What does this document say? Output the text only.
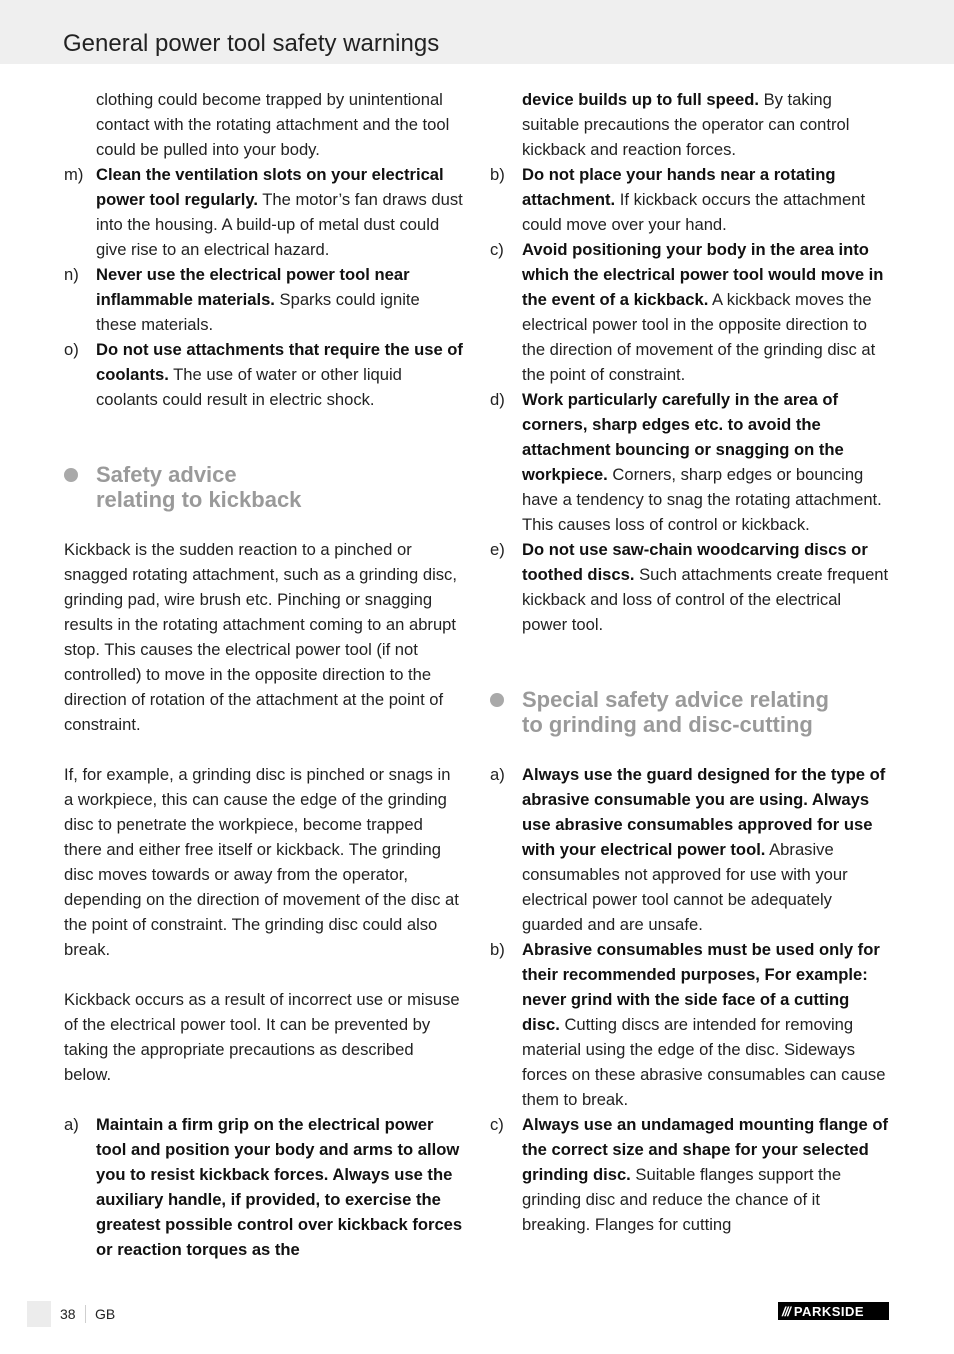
General power tool safety warnings

clothing could become trapped by unintentional contact with the rotating attachment and the tool could be pulled into your body.

m) Clean the ventilation slots on your electrical power tool regularly. The motor’s fan draws dust into the housing. A build-up of metal dust could give rise to an electrical hazard.
n) Never use the electrical power tool near inflammable materials. Sparks could ignite these materials.
o) Do not use attachments that require the use of coolants. The use of water or other liquid coolants could result in electric shock.
Safety advice
relating to kickback

Kickback is the sudden reaction to a pinched or snagged rotating attachment, such as a grinding disc, grinding pad, wire brush etc. Pinching or snagging results in the rotating attachment coming to an abrupt stop. This causes the electrical power tool (if not controlled) to move in the opposite direction to the direction of rotation of the attachment at the point of constraint.

If, for example, a grinding disc is pinched or snags in a workpiece, this can cause the edge of the grinding disc to penetrate the workpiece, become trapped there and either free itself or kickback. The grinding disc moves towards or away from the operator, depending on the direction of movement of the disc at the point of constraint. The grinding disc could also break.

Kickback occurs as a result of incorrect use or misuse of the electrical power tool. It can be prevented by taking the appropriate precautions as described below.

a) Maintain a firm grip on the electrical power tool and position your body and arms to allow you to resist kickback forces. Always use the auxiliary handle, if provided, to exercise the greatest possible control over kickback forces or reaction torques as the

device builds up to full speed. By taking suitable precautions the operator can control kickback and reaction forces.

b) Do not place your hands near a rotating attachment. If kickback occurs the attachment could move over your hand.
c) Avoid positioning your body in the area into which the electrical power tool would move in the event of a kickback. A kickback moves the electrical power tool in the opposite direction to the direction of movement of the grinding disc at the point of constraint.
d) Work particularly carefully in the area of corners, sharp edges etc. to avoid the attachment bouncing or snagging on the workpiece. Corners, sharp edges or bouncing have a tendency to snag the rotating attachment. This causes loss of control or kickback.
e) Do not use saw-chain woodcarving discs or toothed discs. Such attachments create frequent kickback and loss of control of the electrical power tool.
Special safety advice relating
to grinding and disc-cutting
a) Always use the guard designed for the type of abrasive consumable you are using. Always use abrasive consumables approved for use with your electrical power tool. Abrasive consumables not approved for use with your electrical power tool cannot be adequately guarded and are unsafe.
b) Abrasive consumables must be used only for their recommended purposes, For example: never grind with the side face of a cutting disc. Cutting discs are intended for removing material using the edge of the disc. Sideways forces on these abrasive consumables can cause them to break.
c) Always use an undamaged mounting flange of the correct size and shape for your selected grinding disc. Suitable flanges support the grinding disc and reduce the chance of it breaking. Flanges for cutting
38 GB	/// PARKSIDE
